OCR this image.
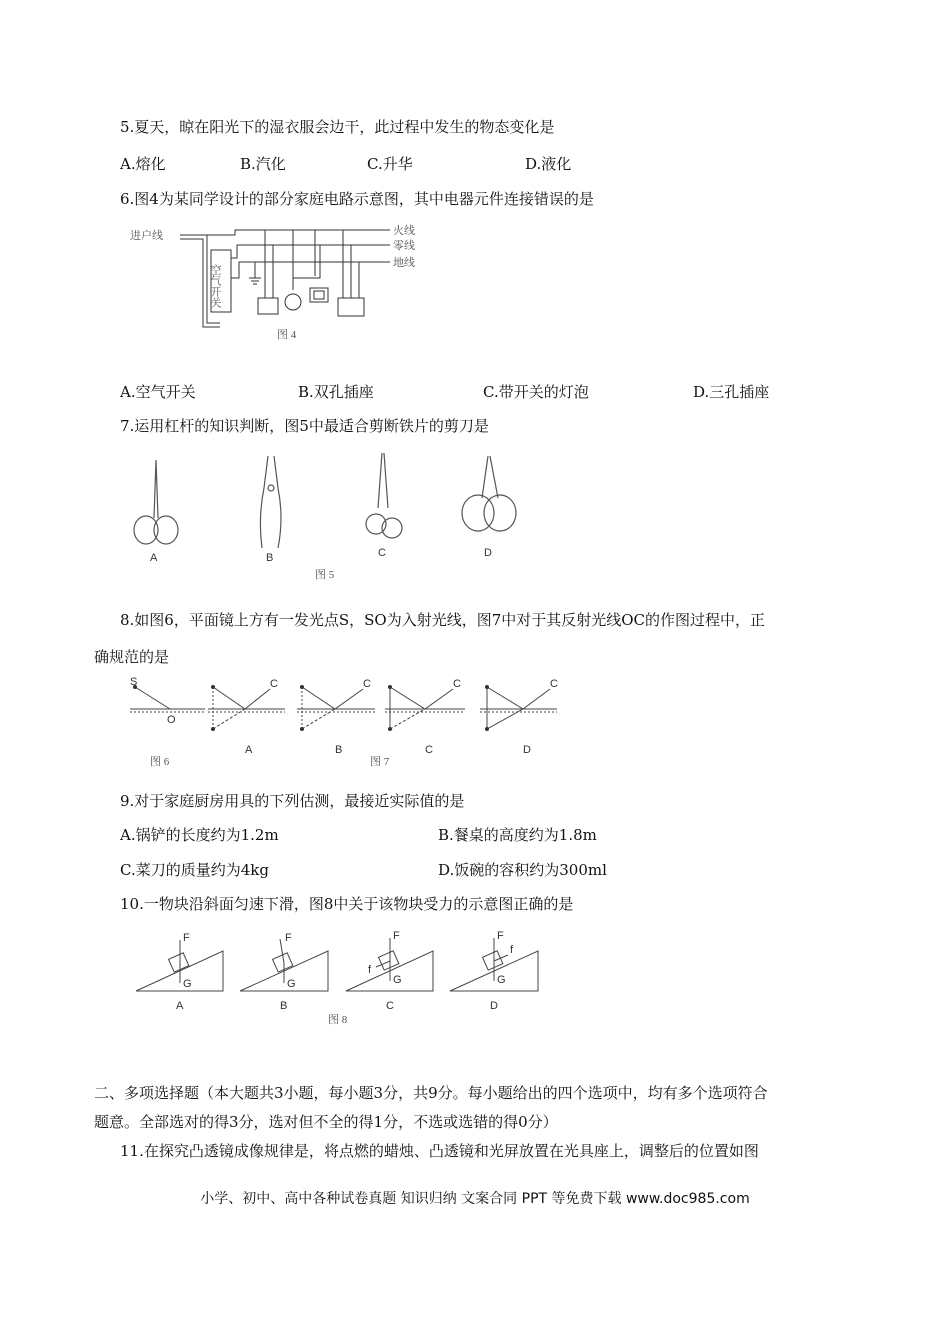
5.夏天，晾在阳光下的湿衣服会边干，此过程中发生的物态变化是
A.熔化	B.汽化	C.升华	D.液化
6.图4为某同学设计的部分家庭电路示意图，其中电器元件连接错误的是
进户线	火线
零线
地线
空气开关
图 4
A.空气开关	B.双孔插座	C.带开关的灯泡	D.三孔插座
7.运用杠杆的知识判断，图5中最适合剪断铁片的剪刀是
A	B	C	D
图 5
8.如图6，平面镜上方有一发光点S，SO为入射光线，图7中对于其反射光线OC的作图过程中，正
确规范的是
S
O
C	C	C	C
图 6
A	B
图 7
C	D
9.对于家庭厨房用具的下列估测，最接近实际值的是
A.锅铲的长度约为1.2m	B.餐桌的高度约为1.8m
C.菜刀的质量约为4kg	D.饭碗的容积约为300ml
10.一物块沿斜面匀速下滑，图8中关于该物块受力的示意图正确的是
F
G
F
G
F
G
f
F
G
f
A	B	C	D
图 8
二、多项选择题（本大题共3小题，每小题3分，共9分。每小题给出的四个选项中，均有多个选项符合
题意。全部选对的得3分，选对但不全的得1分，不选或选错的得0分）
11.在探究凸透镜成像规律是，将点燃的蜡烛、凸透镜和光屏放置在光具座上，调整后的位置如图
小学、初中、高中各种试卷真题 知识归纳 文案合同 PPT 等免费下载 www.doc985.com
